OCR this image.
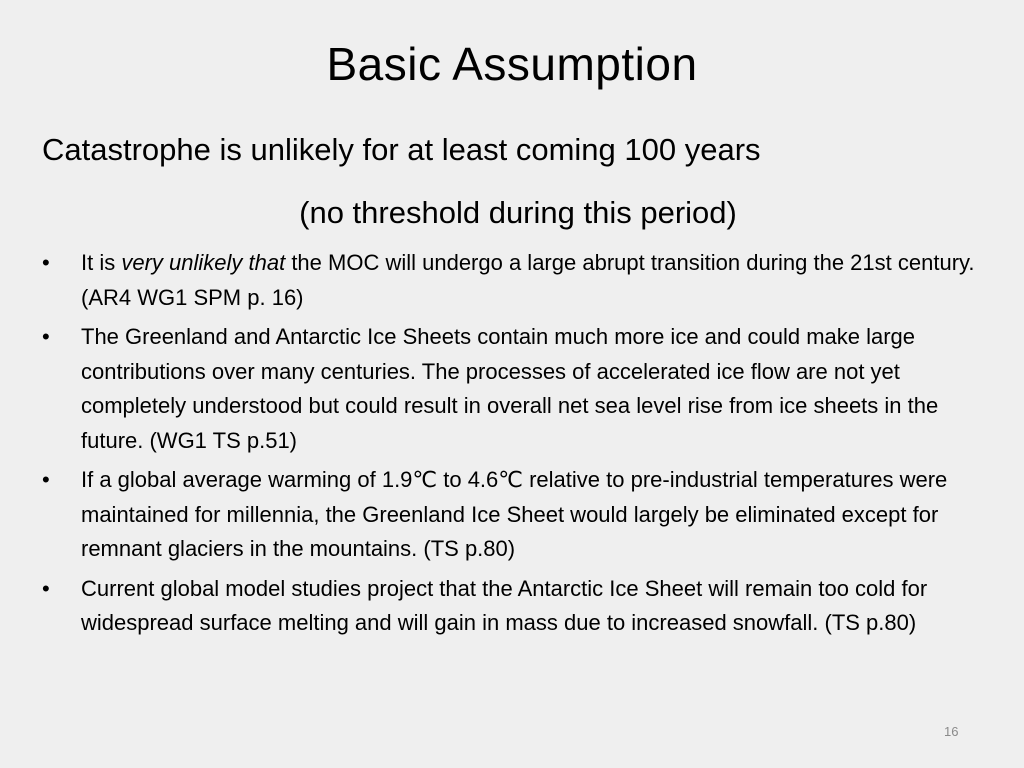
Basic Assumption
Catastrophe is unlikely for at least coming 100 years
(no threshold during this period)
•	It is very unlikely that the MOC will undergo a large abrupt transition during the 21st century. (AR4 WG1 SPM p. 16)
•	The Greenland and Antarctic Ice Sheets contain much more ice and could make large contributions over many centuries. The processes of accelerated ice flow are not yet completely understood but could result in overall net sea level rise from ice sheets in the future. (WG1 TS p.51)
•	If a global average warming of 1.9℃ to 4.6℃ relative to pre-industrial temperatures were maintained for millennia, the Greenland Ice Sheet would largely be eliminated except for remnant glaciers in the mountains. (TS p.80)
•	Current global model studies project that the Antarctic Ice Sheet will remain too cold for widespread surface melting and will gain in mass due to increased snowfall. (TS p.80)
16
